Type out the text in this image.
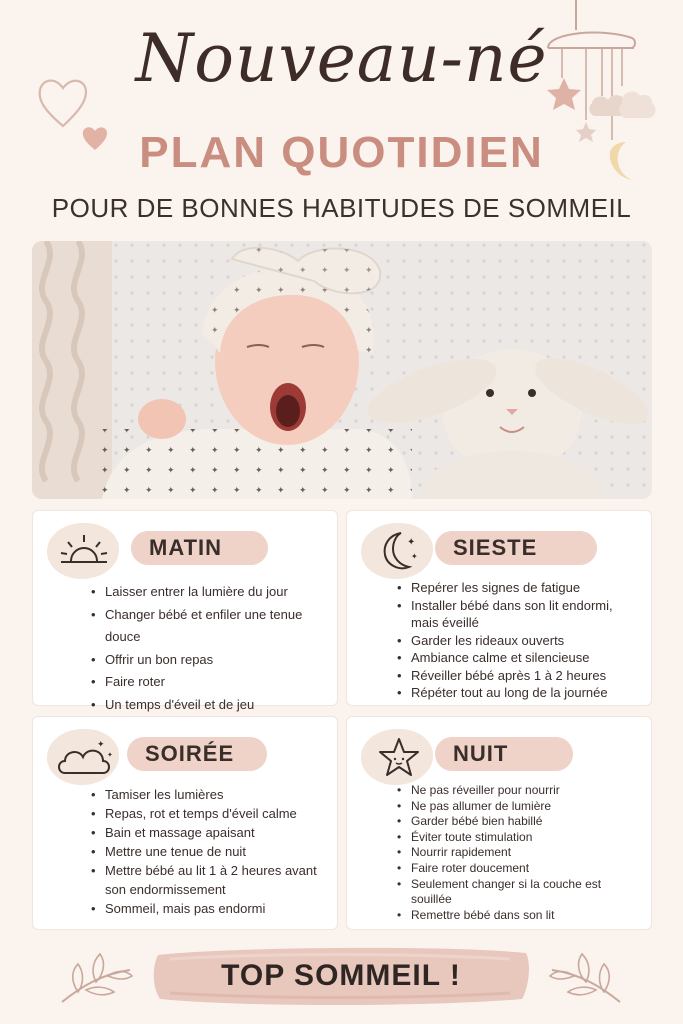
Nouveau-né
PLAN QUOTIDIEN
POUR DE BONNES HABITUDES DE SOMMEIL
MATIN
• Laisser entrer la lumière du jour
• Changer bébé et enfiler une tenue douce
• Offrir un bon repas
• Faire roter
• Un temps d'éveil et de jeu
✦
✦	SIESTE
• Repérer les signes de fatigue
• Installer bébé dans son lit endormi, mais éveillé
• Garder les rideaux ouverts
• Ambiance calme et silencieuse
• Réveiller bébé après 1 à 2 heures
• Répéter tout au long de la journée
✦
✦	SOIRÉE
• Tamiser les lumières
• Repas, rot et temps d'éveil calme
• Bain et massage apaisant
• Mettre une tenue de nuit
• Mettre bébé au lit 1 à 2 heures avant son endormissement
• Sommeil, mais pas endormi
NUIT
• Ne pas réveiller pour nourrir
• Ne pas allumer de lumière
• Garder bébé bien habillé
• Éviter toute stimulation
• Nourrir rapidement
• Faire roter doucement
• Seulement changer si la couche est souillée
• Remettre bébé dans son lit
TOP SOMMEIL !
